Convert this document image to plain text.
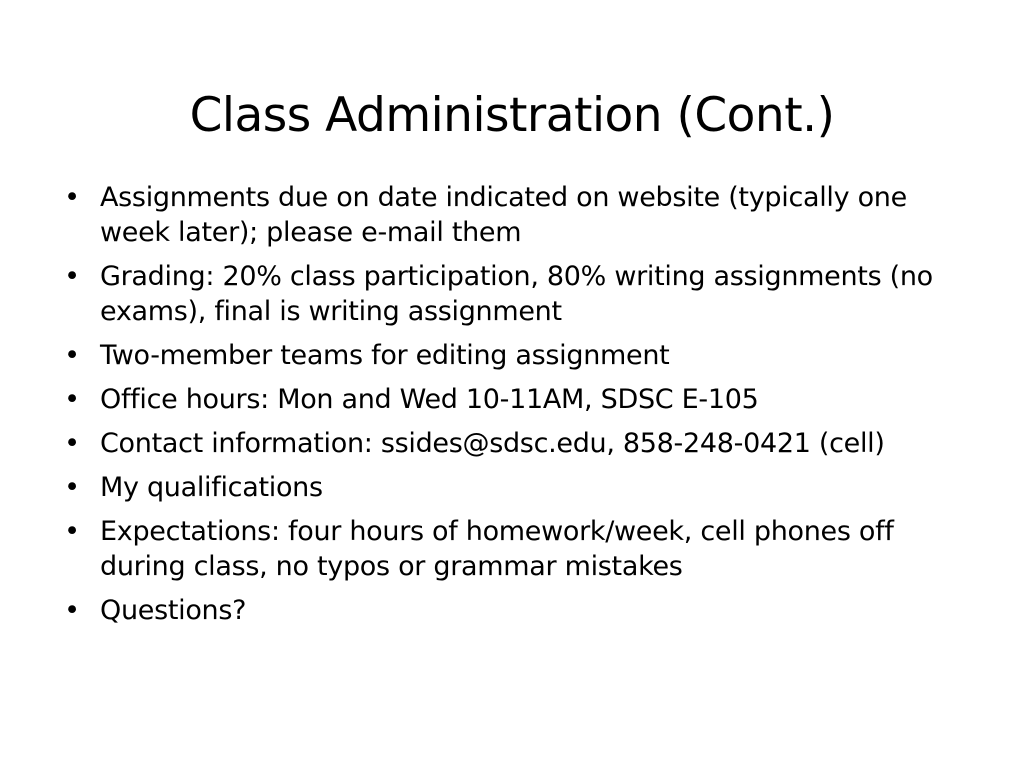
Class Administration (Cont.)
• Assignments due on date indicated on website (typically one week later); please e-mail them
• Grading: 20% class participation, 80% writing assignments (no exams), final is writing assignment
• Two-member teams for editing assignment
• Office hours: Mon and Wed 10-11AM, SDSC E-105
• Contact information: ssides@sdsc.edu, 858-248-0421 (cell)
• My qualifications
• Expectations: four hours of homework/week, cell phones off during class, no typos or grammar mistakes
• Questions?
